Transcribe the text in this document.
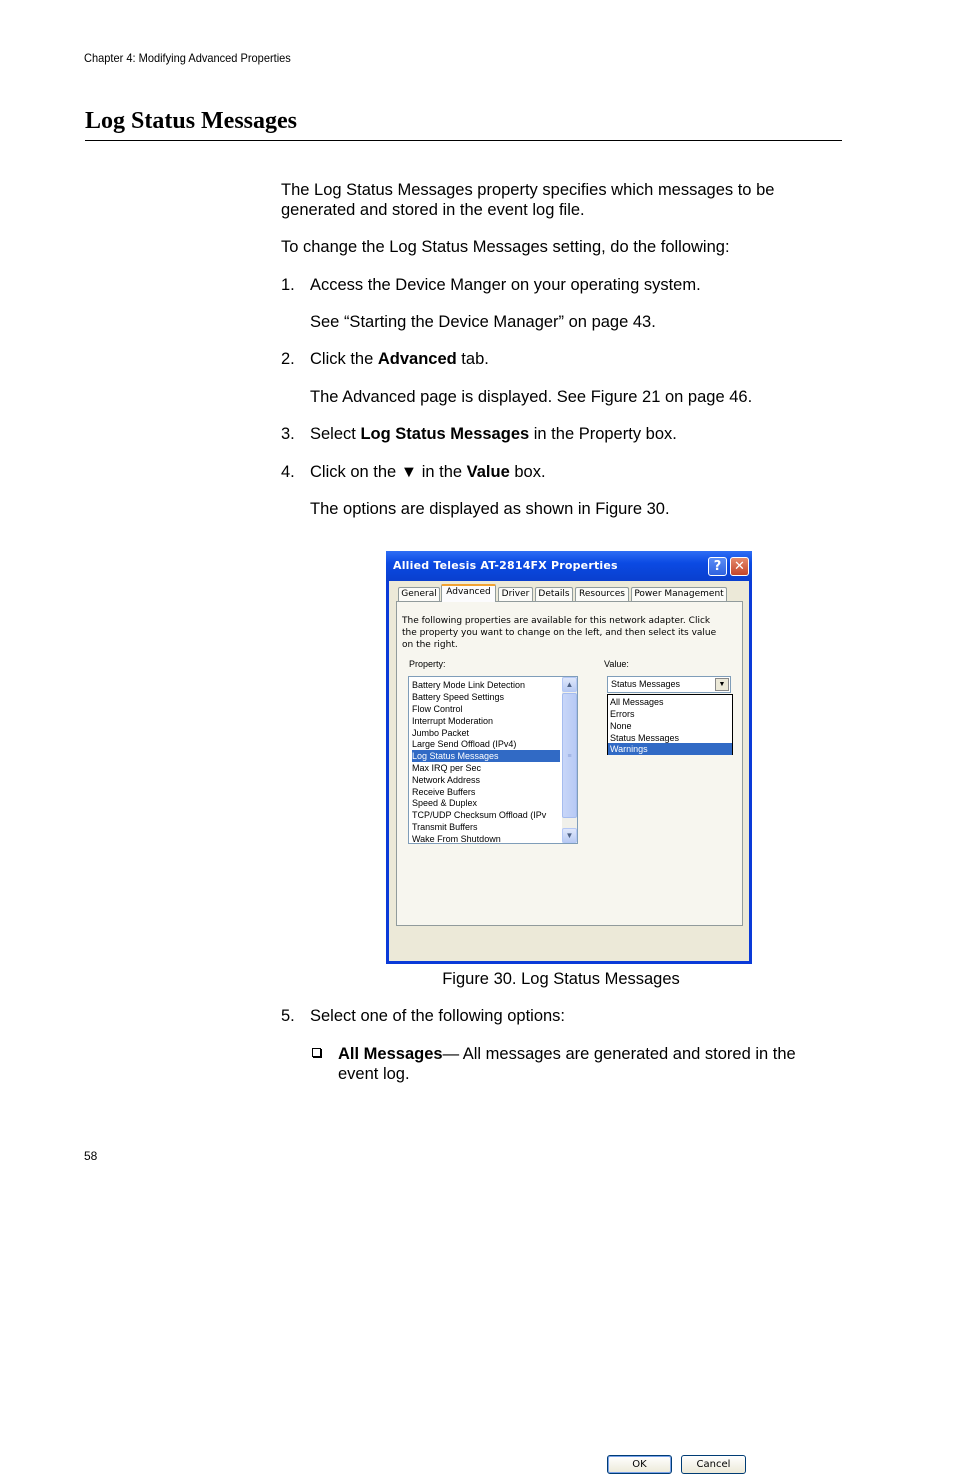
Chapter 4: Modifying Advanced Properties
Log Status Messages
The Log Status Messages property specifies which messages to be
generated and stored in the event log file.
To change the Log Status Messages setting, do the following:
1. Access the Device Manger on your operating system.
See “Starting the Device Manager” on page 43.
2. Click the Advanced tab.
The Advanced page is displayed. See Figure 21 on page 46.
3. Select Log Status Messages in the Property box.
4. Click on the ▼ in the Value box.
The options are displayed as shown in Figure 30.
Allied Telesis AT-2814FX Properties	? ✕
General	Advanced	Driver	Details	Resources	Power Management
The following properties are available for this network adapter. Click
the property you want to change on the left, and then select its value
on the right.
OK	Cancel
Property:	Value:
Battery Mode Link Detection
Battery Speed Settings
Flow Control
Interrupt Moderation
Jumbo Packet
Large Send Offload (IPv4)
Log Status Messages
Max IRQ per Sec
Network Address
Receive Buffers
Speed & Duplex
TCP/UDP Checksum Offload (IPv
Transmit Buffers
Wake From Shutdown
▲
≡
▼
Status Messages	▼
All Messages
Errors
None
Status Messages
Warnings
Figure 30. Log Status Messages
5. Select one of the following options:
All Messages— All messages are generated and stored in the
event log.
58
